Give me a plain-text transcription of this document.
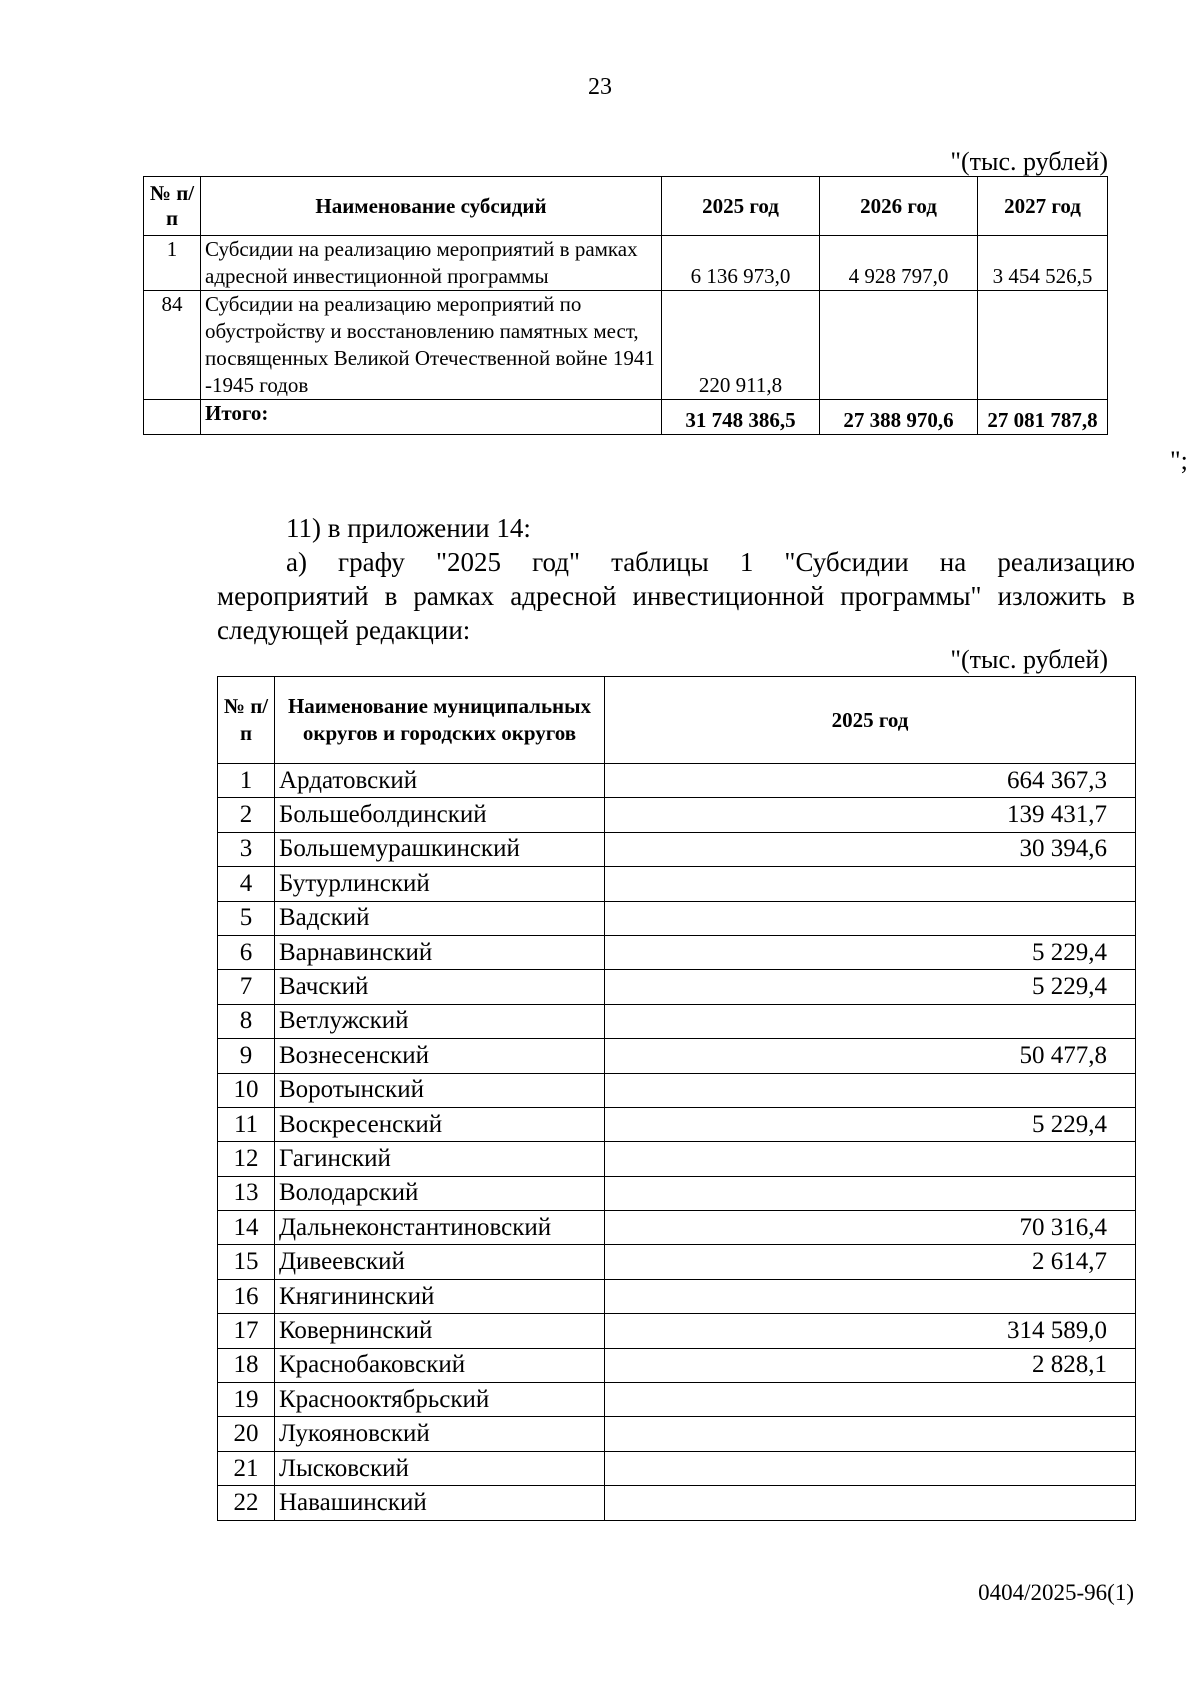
23
"(тыс. рублей)
№ п/п	Наименование субсидий	2025 год	2026 год	2027 год
1	Субсидии на реализацию мероприятий в рамках адресной инвестиционной программы	6 136 973,0	4 928 797,0	3 454 526,5
84	Субсидии на реализацию мероприятий по обустройству и восстановлению памятных мест, посвященных Великой Отечественной войне 1941 -1945 годов	220 911,8		
	Итого:	31 748 386,5	27 388 970,6	27 081 787,8
";
11) в приложении 14:
а) графу "2025 год" таблицы 1 "Субсидии на реализацию
мероприятий в рамках адресной инвестиционной программы" изложить в следующей редакции:
"(тыс. рублей)
№ п/п	Наименование муниципальных округов и городских округов	2025 год
1	Ардатовский	664 367,3
2	Большеболдинский	139 431,7
3	Большемурашкинский	30 394,6
4	Бутурлинский	
5	Вадский	
6	Варнавинский	5 229,4
7	Вачский	5 229,4
8	Ветлужский	
9	Вознесенский	50 477,8
10	Воротынский	
11	Воскресенский	5 229,4
12	Гагинский	
13	Володарский	
14	Дальнеконстантиновский	70 316,4
15	Дивеевский	2 614,7
16	Княгининский	
17	Ковернинский	314 589,0
18	Краснобаковский	2 828,1
19	Краснооктябрьский	
20	Лукояновский	
21	Лысковский	
22	Навашинский	
0404/2025-96(1)
